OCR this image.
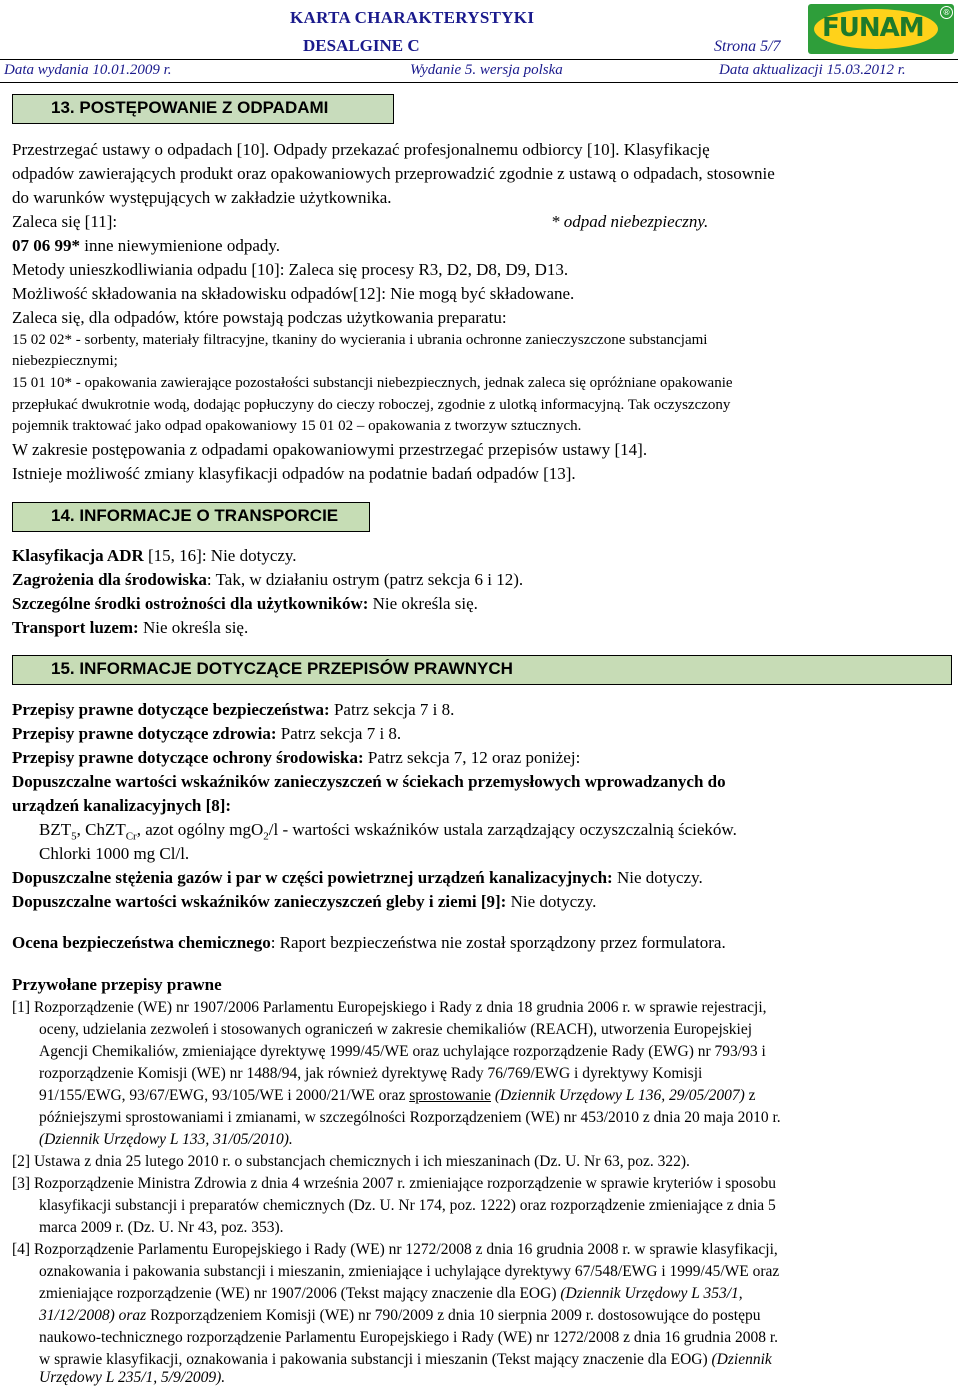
KARTA CHARAKTERYSTYKI
DESALGINE C	Strona 5/7
Data wydania 10.01.2009 r.	Wydanie 5. wersja polska	Data aktualizacji 15.03.2012 r.
FUNAM
®
13. POSTĘPOWANIE Z ODPADAMI
Przestrzegać ustawy o odpadach [10]. Odpady przekazać profesjonalnemu odbiorcy [10]. Klasyfikację
odpadów zawierających produkt oraz opakowaniowych przeprowadzić zgodnie z ustawą o odpadach, stosownie
do warunków występujących w zakładzie użytkownika.
Zaleca się [11]:	* odpad niebezpieczny.
07 06 99* inne niewymienione odpady.
Metody unieszkodliwiania odpadu [10]: Zaleca się procesy R3, D2, D8, D9, D13.
Możliwość składowania na składowisku odpadów[12]: Nie mogą być składowane.
Zaleca się, dla odpadów, które powstają podczas użytkowania preparatu:
15 02 02* - sorbenty, materiały filtracyjne, tkaniny do wycierania i ubrania ochronne zanieczyszczone substancjami
niebezpiecznymi;
15 01 10* - opakowania zawierające pozostałości substancji niebezpiecznych, jednak zaleca się opróżniane opakowanie
przepłukać dwukrotnie wodą, dodając popłuczyny do cieczy roboczej, zgodnie z ulotką informacyjną. Tak oczyszczony
pojemnik traktować jako odpad opakowaniowy 15 01 02 – opakowania z tworzyw sztucznych.
W zakresie postępowania z odpadami opakowaniowymi przestrzegać przepisów ustawy [14].
Istnieje możliwość zmiany klasyfikacji odpadów na podatnie badań odpadów [13].
14. INFORMACJE O TRANSPORCIE
Klasyfikacja ADR [15, 16]: Nie dotyczy.
Zagrożenia dla środowiska: Tak, w działaniu ostrym (patrz sekcja 6 i 12).
Szczególne środki ostrożności dla użytkowników: Nie określa się.
Transport luzem: Nie określa się.
15. INFORMACJE DOTYCZĄCE PRZEPISÓW PRAWNYCH
Przepisy prawne dotyczące bezpieczeństwa: Patrz sekcja 7 i 8.
Przepisy prawne dotyczące zdrowia: Patrz sekcja 7 i 8.
Przepisy prawne dotyczące ochrony środowiska: Patrz sekcja 7, 12 oraz poniżej:
Dopuszczalne wartości wskaźników zanieczyszczeń w ściekach przemysłowych wprowadzanych do
urządzeń kanalizacyjnych [8]:
$BZT_5$, ChZT$_{Cr}$, azot ogólny mgO$_2$/l - wartości wskaźników ustala zarządzający oczyszczalnią ścieków.
Chlorki 1000 mg Cl/l.
Dopuszczalne stężenia gazów i par w części powietrznej urządzeń kanalizacyjnych: Nie dotyczy.
Dopuszczalne wartości wskaźników zanieczyszczeń gleby i ziemi [9]: Nie dotyczy.
Ocena bezpieczeństwa chemicznego: Raport bezpieczeństwa nie został sporządzony przez formulatora.
Przywołane przepisy prawne
[1] Rozporządzenie (WE) nr 1907/2006 Parlamentu Europejskiego i Rady z dnia 18 grudnia 2006 r. w sprawie rejestracji,
oceny, udzielania zezwoleń i stosowanych ograniczeń w zakresie chemikaliów (REACH), utworzenia Europejskiej
Agencji Chemikaliów, zmieniające dyrektywę 1999/45/WE oraz uchylające rozporządzenie Rady (EWG) nr 793/93 i
rozporządzenie Komisji (WE) nr 1488/94, jak również dyrektywę Rady 76/769/EWG i dyrektywy Komisji
91/155/EWG, 93/67/EWG, 93/105/WE i 2000/21/WE oraz sprostowanie (Dziennik Urzędowy L 136, 29/05/2007) z
późniejszymi sprostowaniami i zmianami, w szczególności Rozporządzeniem (WE) nr 453/2010 z dnia 20 maja 2010 r.
(Dziennik Urzędowy L 133, 31/05/2010).
[2] Ustawa z dnia 25 lutego 2010 r. o substancjach chemicznych i ich mieszaninach (Dz. U. Nr 63, poz. 322).
[3] Rozporządzenie Ministra Zdrowia z dnia 4 września 2007 r. zmieniające rozporządzenie w sprawie kryteriów i sposobu
klasyfikacji substancji i preparatów chemicznych (Dz. U. Nr 174, poz. 1222) oraz rozporządzenie zmieniające z dnia 5
marca 2009 r. (Dz. U. Nr 43, poz. 353).
[4] Rozporządzenie Parlamentu Europejskiego i Rady (WE) nr 1272/2008 z dnia 16 grudnia 2008 r. w sprawie klasyfikacji,
oznakowania i pakowania substancji i mieszanin, zmieniające i uchylające dyrektywy 67/548/EWG i 1999/45/WE oraz
zmieniające rozporządzenie (WE) nr 1907/2006 (Tekst mający znaczenie dla EOG) (Dziennik Urzędowy L 353/1,
31/12/2008) oraz Rozporządzeniem Komisji (WE) nr 790/2009 z dnia 10 sierpnia 2009 r. dostosowujące do postępu
naukowo-technicznego rozporządzenie Parlamentu Europejskiego i Rady (WE) nr 1272/2008 z dnia 16 grudnia 2008 r.
w sprawie klasyfikacji, oznakowania i pakowania substancji i mieszanin (Tekst mający znaczenie dla EOG) (Dziennik
Urzędowy L 235/1, 5/9/2009).
